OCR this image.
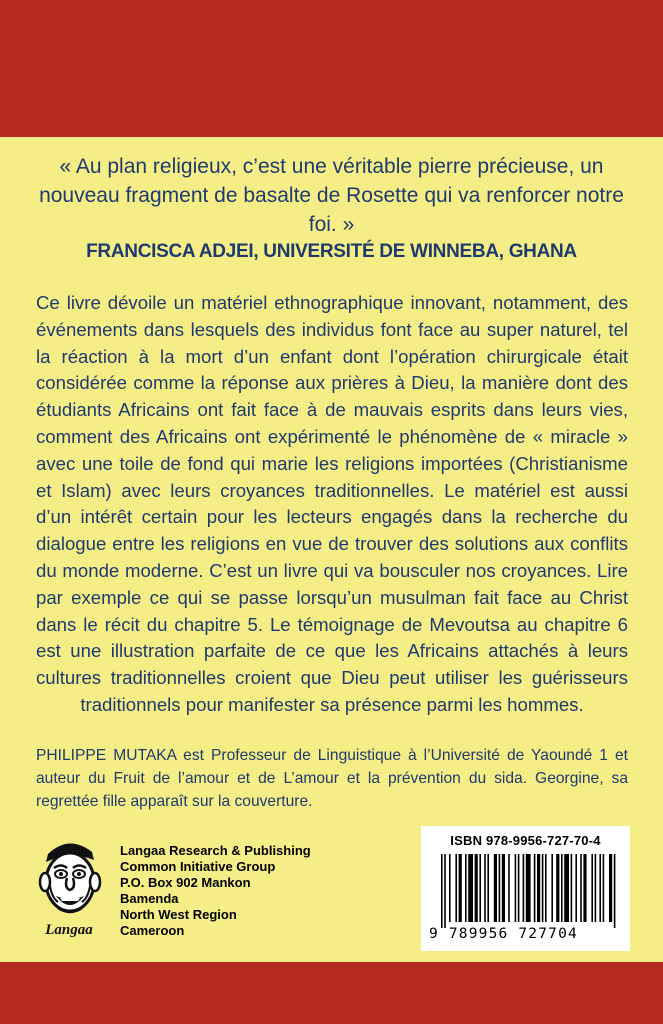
« Au plan religieux, c’est une véritable pierre précieuse, un nouveau fragment de basalte de Rosette qui va renforcer notre foi. »
FRANCISCA ADJEI, UNIVERSITÉ DE WINNEBA, GHANA
Ce livre dévoile un matériel ethnographique innovant, notamment, des événements dans lesquels des individus font face au super naturel, tel la réaction à la mort d’un enfant dont l’opération chirurgicale était considérée comme la réponse aux prières à Dieu, la manière dont des étudiants Africains ont fait face à de mauvais esprits dans leurs vies, comment des Africains ont expérimenté le phénomène de « miracle » avec une toile de fond qui marie les religions importées (Christianisme et Islam) avec leurs croyances traditionnelles. Le matériel est aussi d’un intérêt certain pour les lecteurs engagés dans la recherche du dialogue entre les religions en vue de trouver des solutions aux conflits du monde moderne. C’est un livre qui va bousculer nos croyances. Lire par exemple ce qui se passe lorsqu’un musulman fait face au Christ dans le récit du chapitre 5. Le témoignage de Mevoutsa au chapitre 6 est une illustration parfaite de ce que les Africains attachés à leurs cultures traditionnelles croient que Dieu peut utiliser les guérisseurs traditionnels pour manifester sa présence parmi les hommes.
PHILIPPE MUTAKA est Professeur de Linguistique à l’Université de Yaoundé 1 et auteur du Fruit de l’amour et de L’amour et la prévention du sida. Georgine, sa regrettée fille apparaît sur la couverture.
Langaa
Langaa Research & Publishing
Common Initiative Group
P.O. Box 902 Mankon
Bamenda
North West Region
Cameroon
ISBN 978-9956-727-70-4
9 789956 727704
